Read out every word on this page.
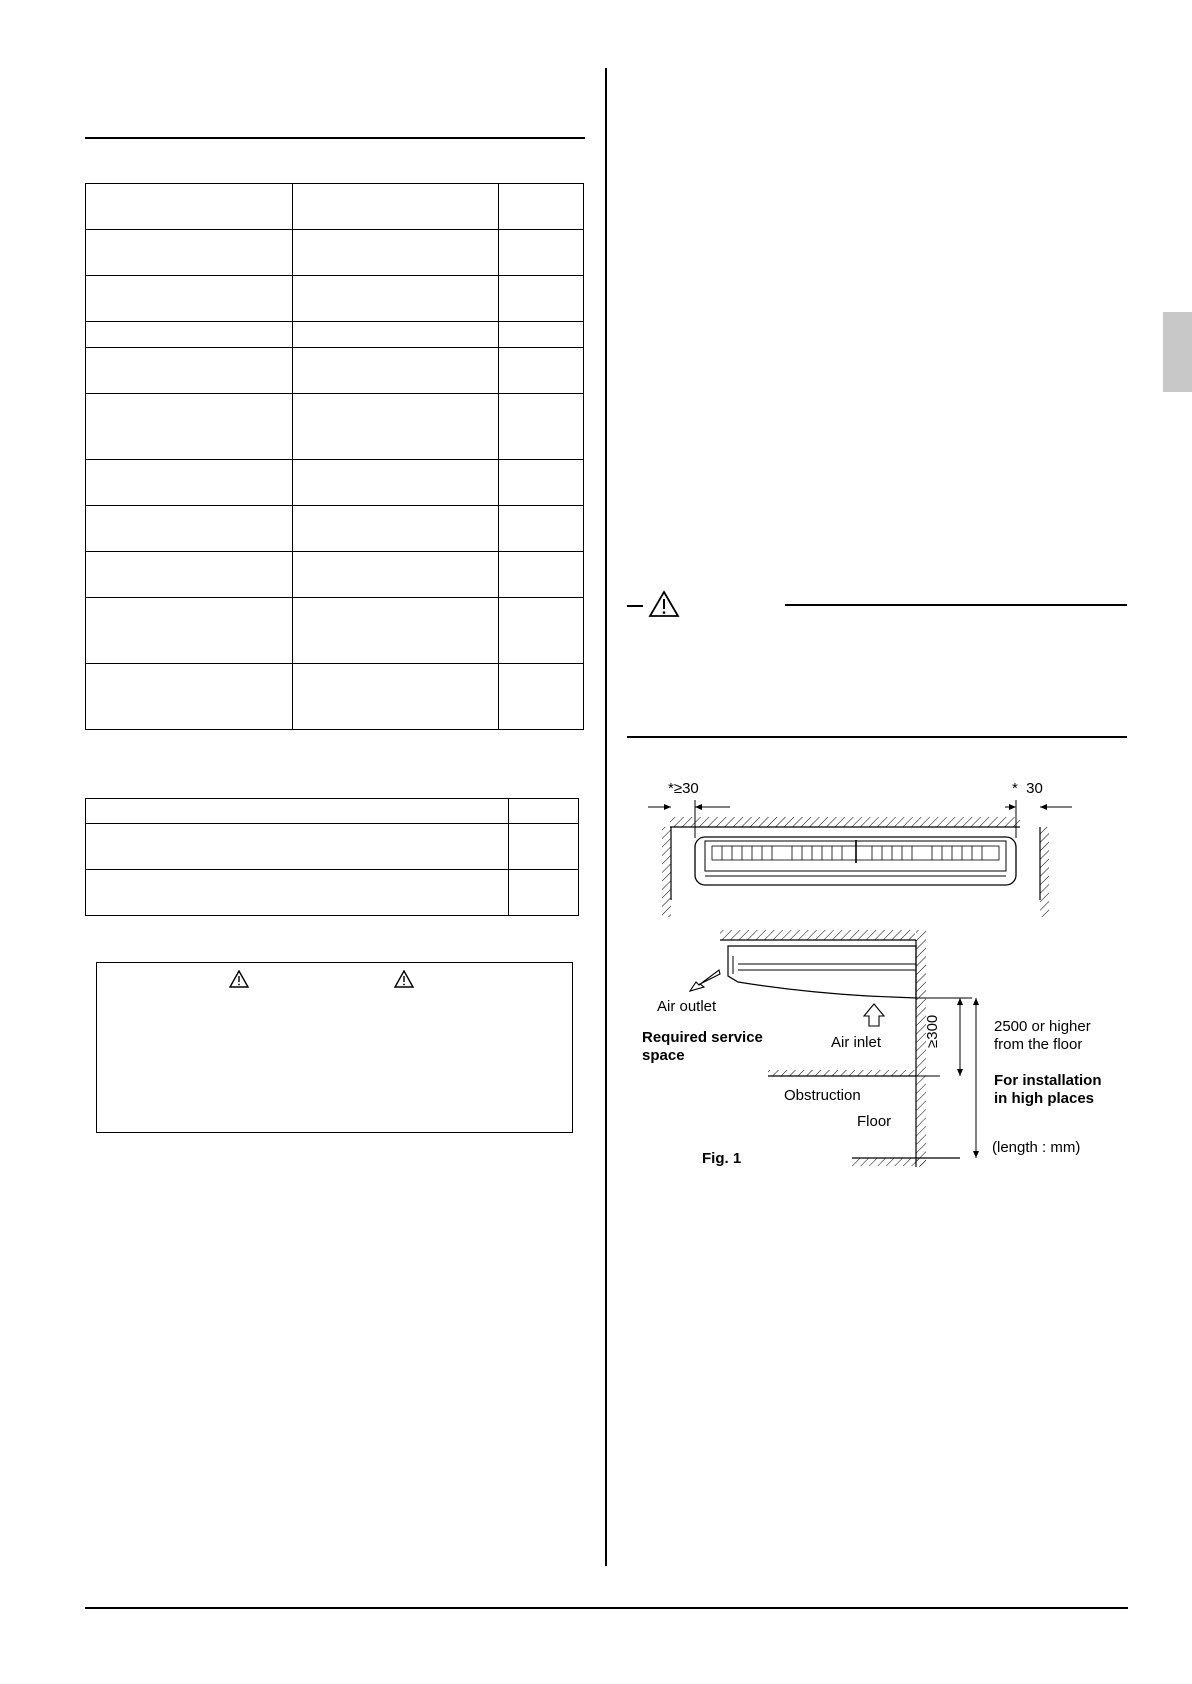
*≥30	*  30
Air outlet
Required service
space
Air inlet
Obstruction
Floor
≥300	2500 or higher
from the floor
For installation
in high places
(length : mm)
Fig. 1
